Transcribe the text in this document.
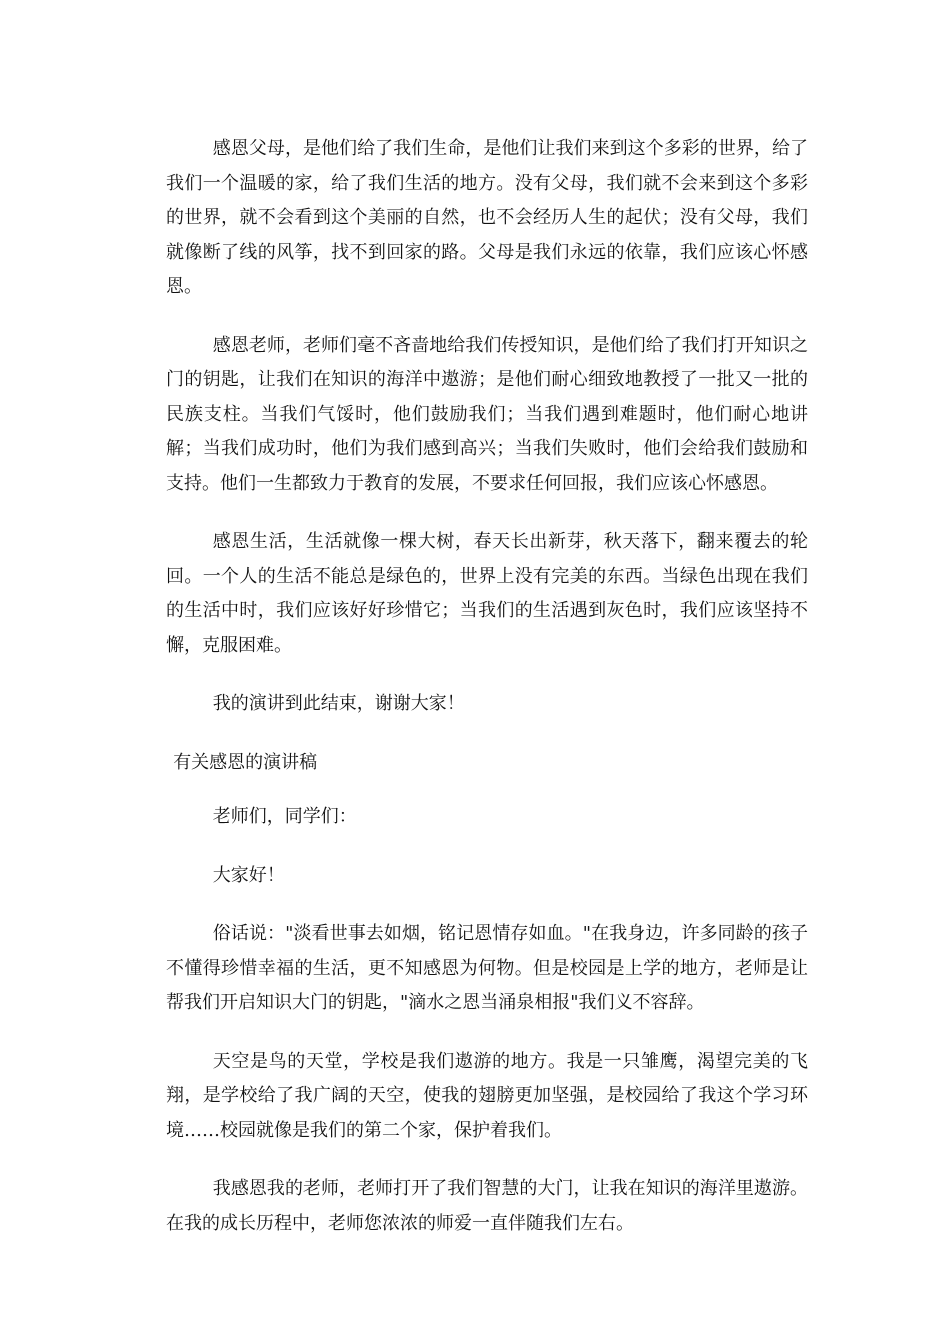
感恩父母，是他们给了我们生命，是他们让我们来到这个多彩的世界，给了我们一个温暖的家，给了我们生活的地方。没有父母，我们就不会来到这个多彩的世界，就不会看到这个美丽的自然，也不会经历人生的起伏；没有父母，我们就像断了线的风筝，找不到回家的路。父母是我们永远的依靠，我们应该心怀感恩。

感恩老师，老师们毫不吝啬地给我们传授知识，是他们给了我们打开知识之门的钥匙，让我们在知识的海洋中遨游；是他们耐心细致地教授了一批又一批的民族支柱。当我们气馁时，他们鼓励我们；当我们遇到难题时，他们耐心地讲解；当我们成功时，他们为我们感到高兴；当我们失败时，他们会给我们鼓励和支持。他们一生都致力于教育的发展，不要求任何回报，我们应该心怀感恩。

感恩生活，生活就像一棵大树，春天长出新芽，秋天落下，翻来覆去的轮回。一个人的生活不能总是绿色的，世界上没有完美的东西。当绿色出现在我们的生活中时，我们应该好好珍惜它；当我们的生活遇到灰色时，我们应该坚持不懈，克服困难。

我的演讲到此结束，谢谢大家！

有关感恩的演讲稿

老师们，同学们：

大家好！

俗话说："淡看世事去如烟，铭记恩情存如血。"在我身边，许多同龄的孩子不懂得珍惜幸福的生活，更不知感恩为何物。但是校园是上学的地方，老师是让帮我们开启知识大门的钥匙，"滴水之恩当涌泉相报"我们义不容辞。

天空是鸟的天堂，学校是我们遨游的地方。我是一只雏鹰，渴望完美的飞翔，是学校给了我广阔的天空，使我的翅膀更加坚强，是校园给了我这个学习环境……校园就像是我们的第二个家，保护着我们。

我感恩我的老师，老师打开了我们智慧的大门，让我在知识的海洋里遨游。在我的成长历程中，老师您浓浓的师爱一直伴随我们左右。
